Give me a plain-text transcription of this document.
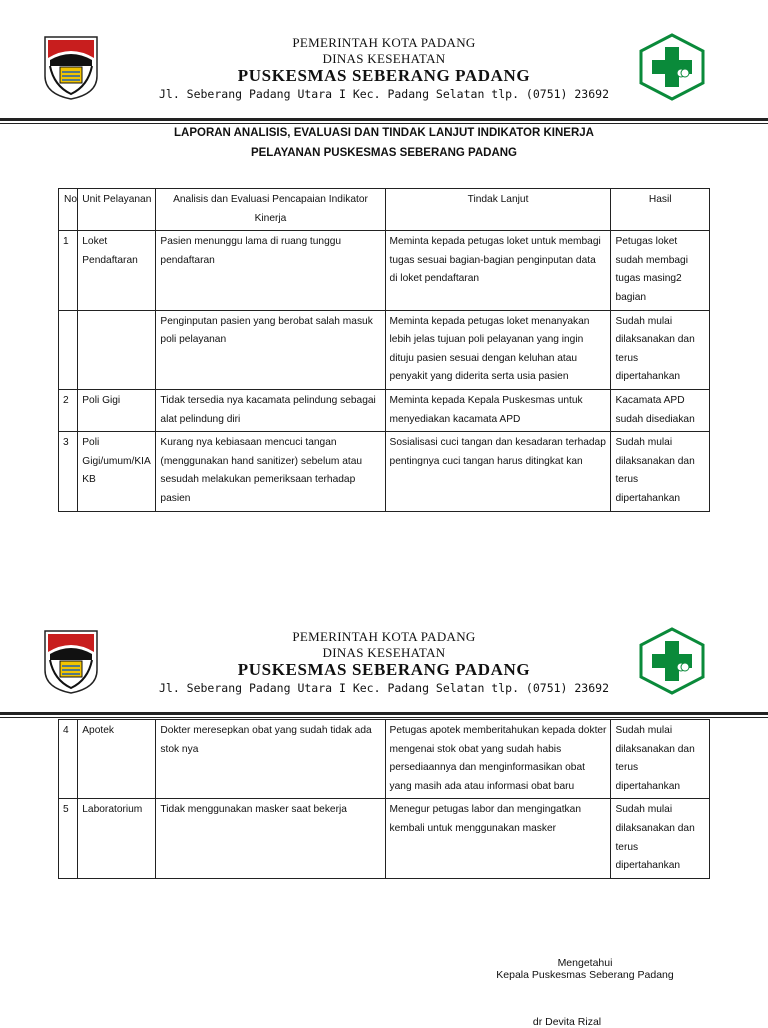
PEMERINTAH KOTA PADANG
DINAS KESEHATAN
PUSKESMAS SEBERANG PADANG
Jl. Seberang Padang Utara I Kec. Padang Selatan tlp. (0751) 23692
LAPORAN ANALISIS, EVALUASI DAN TINDAK LANJUT INDIKATOR KINERJA
PELAYANAN PUSKESMAS SEBERANG PADANG
No	Unit Pelayanan	Analisis dan Evaluasi Pencapaian Indikator Kinerja	Tindak Lanjut	Hasil
1	Loket Pendaftaran	Pasien menunggu lama di ruang tunggu pendaftaran	Meminta kepada petugas loket untuk membagi tugas sesuai bagian-bagian penginputan data di loket pendaftaran	Petugas loket sudah membagi tugas masing2 bagian
		Penginputan pasien yang berobat salah masuk poli pelayanan	Meminta kepada petugas loket menanyakan lebih jelas tujuan poli pelayanan yang ingin dituju pasien sesuai dengan keluhan atau penyakit yang diderita serta usia pasien	Sudah mulai dilaksanakan dan terus dipertahankan
2	Poli Gigi	Tidak tersedia nya kacamata pelindung sebagai alat pelindung diri	Meminta kepada Kepala Puskesmas untuk menyediakan kacamata APD	Kacamata APD sudah disediakan
3	Poli Gigi/umum/KIA KB	Kurang nya kebiasaan mencuci tangan (menggunakan hand sanitizer) sebelum atau sesudah melakukan pemeriksaan terhadap pasien	Sosialisasi cuci tangan dan kesadaran terhadap pentingnya cuci tangan harus ditingkat kan	Sudah mulai dilaksanakan dan terus dipertahankan
PEMERINTAH KOTA PADANG
DINAS KESEHATAN
PUSKESMAS SEBERANG PADANG
Jl. Seberang Padang Utara I Kec. Padang Selatan tlp. (0751) 23692
4	Apotek	Dokter meresepkan obat yang sudah tidak ada stok nya	Petugas apotek memberitahukan kepada dokter mengenai stok obat yang sudah habis persediaannya dan menginformasikan obat yang masih ada atau informasi obat baru	Sudah mulai dilaksanakan dan terus dipertahankan
5	Laboratorium	Tidak menggunakan masker saat bekerja	Menegur petugas labor dan mengingatkan kembali untuk menggunakan masker	Sudah mulai dilaksanakan dan terus dipertahankan
Mengetahui
Kepala Puskesmas Seberang Padang
dr Devita Rizal
